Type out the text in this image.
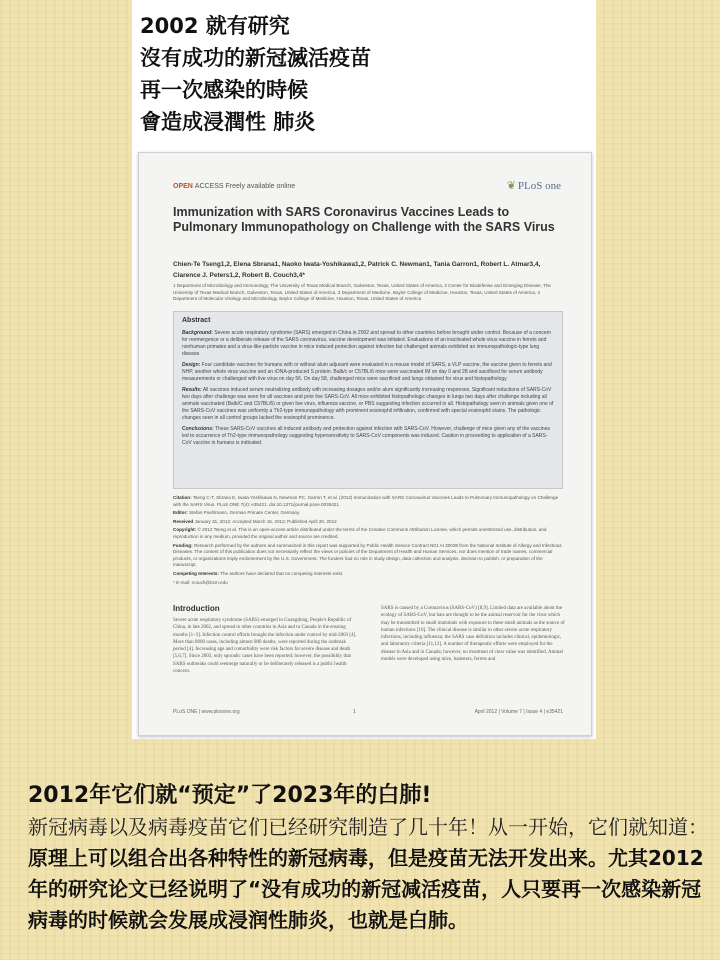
2002 就有研究
沒有成功的新冠滅活疫苗
再一次感染的時候
會造成浸潤性 肺炎
OPEN ACCESS Freely available online	❦ PLoS one
Immunization with SARS Coronavirus Vaccines Leads to Pulmonary Immunopathology on Challenge with the SARS Virus
Chien-Te Tseng1,2, Elena Sbrana1, Naoko Iwata-Yoshikawa1,2, Patrick C. Newman1, Tania Garron1, Robert L. Atmar3,4, Clarence J. Peters1,2, Robert B. Couch3,4*
1 Department of Microbiology and Immunology, The University of Texas Medical Branch, Galveston, Texas, United States of America, 2 Center for Biodefense and Emerging Disease, The University of Texas Medical Branch, Galveston, Texas, United States of America, 3 Department of Medicine, Baylor College of Medicine, Houston, Texas, United States of America, 4 Department of Molecular Virology and Microbiology, Baylor College of Medicine, Houston, Texas, United States of America
Abstract
Background: Severe acute respiratory syndrome (SARS) emerged in China in 2002 and spread to other countries before brought under control. Because of a concern for reemergence or a deliberate release of the SARS coronavirus, vaccine development was initiated. Evaluations of an inactivated whole virus vaccine in ferrets and nonhuman primates and a virus-like-particle vaccine in mice induced protection against infection but challenged animals exhibited an immunopathologic-type lung disease.
Design: Four candidate vaccines for humans with or without alum adjuvant were evaluated in a mouse model of SARS, a VLP vaccine, the vaccine given to ferrets and NHP, another whole virus vaccine and an rDNA-produced S protein. Balb/c or C57BL/6 mice were vaccinated IM on day 0 and 28 and sacrificed for serum antibody measurements or challenged with live virus on day 56. On day 58, challenged mice were sacrificed and lungs obtained for virus and histopathology.
Results: All vaccines induced serum neutralizing antibody with increasing dosages and/or alum significantly increasing responses. Significant reductions of SARS-CoV two days after challenge was seen for all vaccines and prior live SARS-CoV. All mice exhibited histopathologic changes in lungs two days after challenge including all animals vaccinated (Balb/C and C57BL/6) or given live virus, influenza vaccine, or PBS suggesting infection occurred in all. Histopathology seen in animals given one of the SARS-CoV vaccines was uniformly a Th2-type immunopathology with prominent eosinophil infiltration, confirmed with special eosinophil stains. The pathologic changes seen in all control groups lacked the eosinophil prominence.
Conclusions: These SARS-CoV vaccines all induced antibody and protection against infection with SARS-CoV. However, challenge of mice given any of the vaccines led to occurrence of Th2-type immunopathology suggesting hypersensitivity to SARS-CoV components was induced. Caution in proceeding to application of a SARS-CoV vaccine in humans is indicated.

Citation: Tseng C-T, Sbrana E, Iwata-Yoshikawa N, Newman PC, Garron T, et al. (2012) Immunization with SARS Coronavirus Vaccines Leads to Pulmonary Immunopathology on Challenge with the SARS Virus. PLoS ONE 7(4): e35421. doi:10.1371/journal.pone.0035421

Editor: Stefan Poehlmann, German Primate Center, Germany

Received January 31, 2012; Accepted March 15, 2012; Published April 20, 2012

Copyright: © 2012 Tseng et al. This is an open-access article distributed under the terms of the Creative Commons Attribution License, which permits unrestricted use, distribution, and reproduction in any medium, provided the original author and source are credited.

Funding: Research performed by the authors and summarized in this report was supported by Public Health Service Contract N01 AI 30039 from the National Institute of Allergy and Infectious Diseases. The content of this publication does not necessarily reflect the views or policies of the Department of Health and Human Services, nor does mention of trade names, commercial products, or organizations imply endorsement by the U.S. Government. The funders had no role in study design, data collection and analysis, decision to publish, or preparation of the manuscript.

Competing Interests: The authors have declared that no competing interests exist.

* E-mail: rcouch@bcm.edu

Introduction
Severe acute respiratory syndrome (SARS) emerged in Guangdong, People's Republic of China, in late 2002, and spread to other countries in Asia and to Canada in the ensuing months [1–3]. Infection control efforts brought the infection under control by mid-2003 [4]. More than 8000 cases, including almost 800 deaths, were reported during the outbreak period [4]. Increasing age and comorbidity were risk factors for severe disease and death [5,6,7]. Since 2003, only sporadic cases have been reported; however, the possibility that SARS outbreaks could reemerge naturally or be deliberately released is a public health concern.
SARS is caused by a Coronavirus (SARS-CoV) [8,9]. Limited data are available about the ecology of SARS-CoV, but bats are thought to be the animal reservoir for the virus which may be transmitted to small mammals with exposure to these small animals as the source of human infections [10]. The clinical disease is similar to other severe acute respiratory infections, including influenza; the SARS case definition includes clinical, epidemiologic, and laboratory criteria [11,12]. A number of therapeutic efforts were employed for the disease in Asia and in Canada; however, no treatment of clear value was identified. Animal models were developed using mice, hamsters, ferrets and
PLoS ONE | www.plosone.org	1	April 2012 | Volume 7 | Issue 4 | e35421
2012年它们就“预定”了2023年的白肺!
新冠病毒以及病毒疫苗它们已经研究制造了几十年！从一开始，它们就知道：原理上可以组合出各种特性的新冠病毒，但是疫苗无法开发出来。尤其2012年的研究论文已经说明了“没有成功的新冠减活疫苗，人只要再一次感染新冠病毒的时候就会发展成浸润性肺炎，也就是白肺。
